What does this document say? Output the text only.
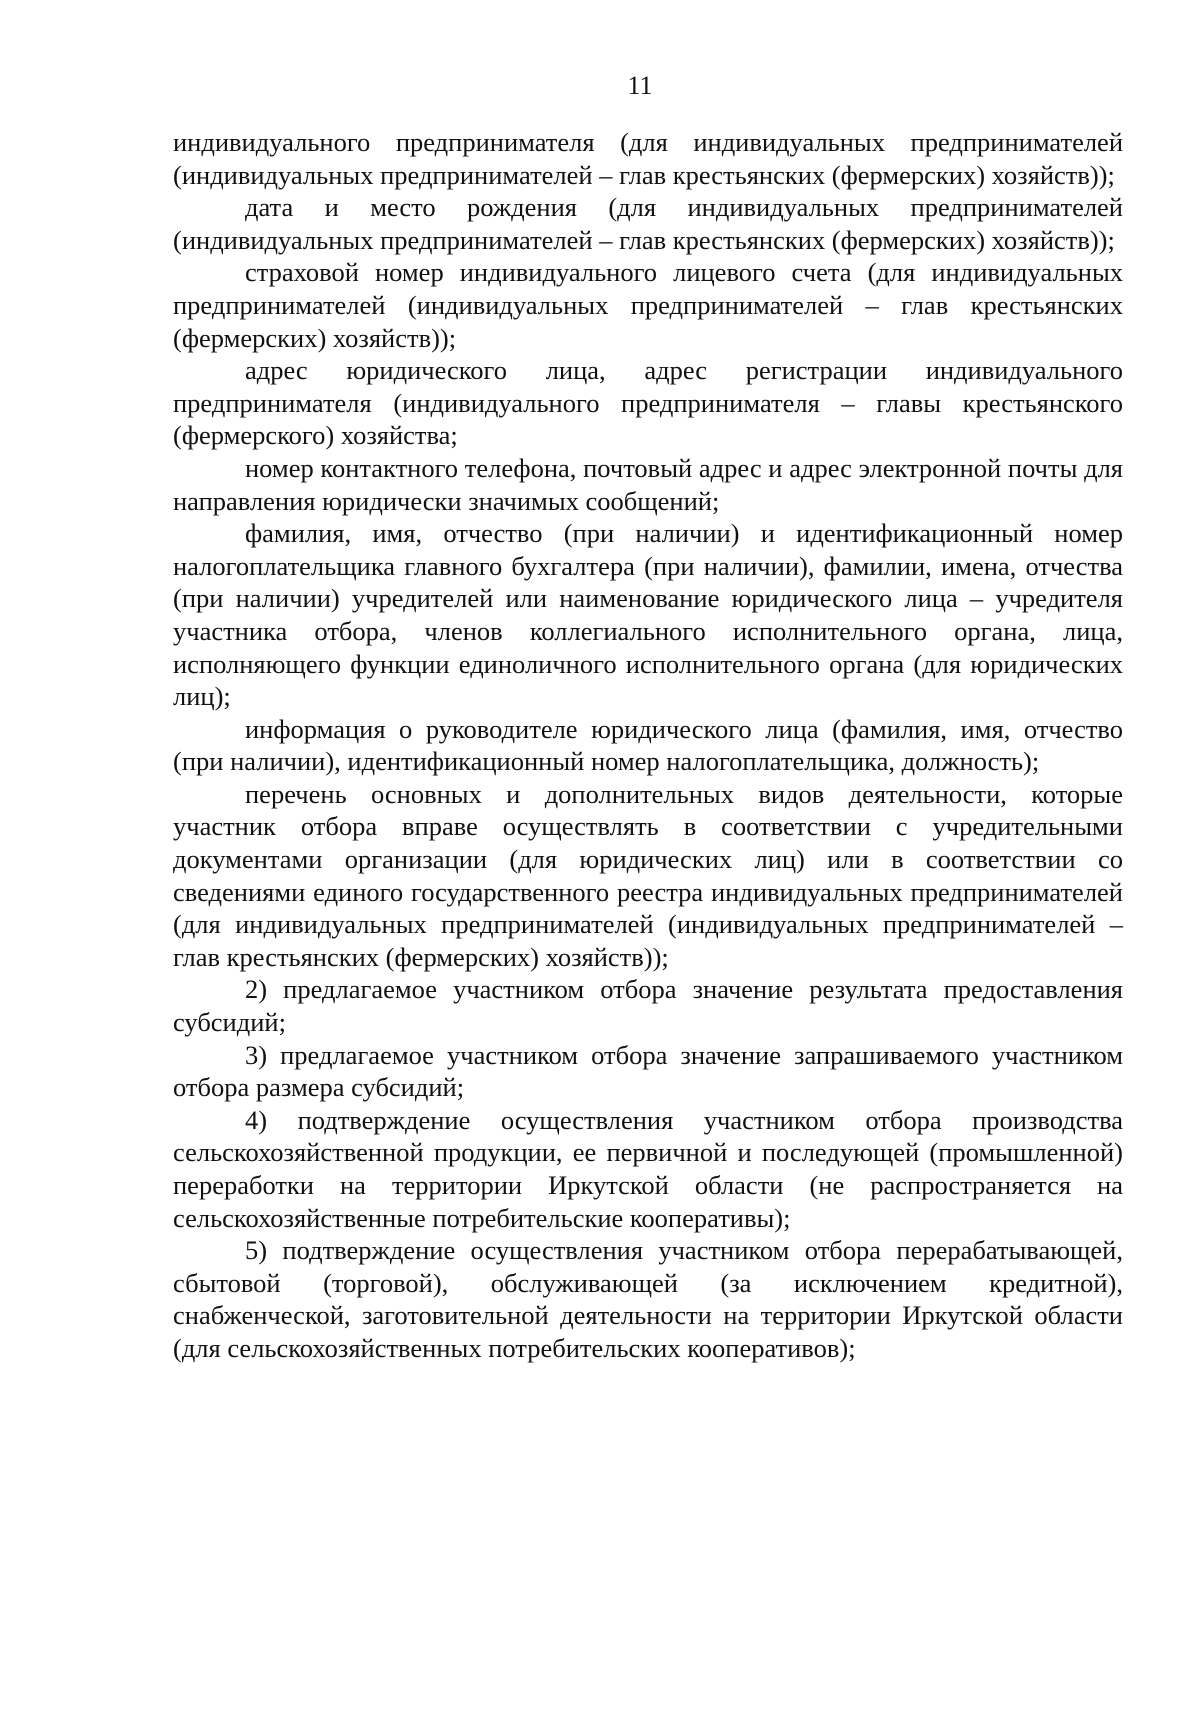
11

индивидуального предпринимателя (для индивидуальных предпринимателей (индивидуальных предпринимателей – глав крестьянских (фермерских) хозяйств));

дата и место рождения (для индивидуальных предпринимателей (индивидуальных предпринимателей – глав крестьянских (фермерских) хозяйств));

страховой номер индивидуального лицевого счета (для индивидуальных предпринимателей (индивидуальных предпринимателей – глав крестьянских (фермерских) хозяйств));

адрес юридического лица, адрес регистрации индивидуального предпринимателя (индивидуального предпринимателя – главы крестьянского (фермерского) хозяйства;

номер контактного телефона, почтовый адрес и адрес электронной почты для направления юридически значимых сообщений;

фамилия, имя, отчество (при наличии) и идентификационный номер налогоплательщика главного бухгалтера (при наличии), фамилии, имена, отчества (при наличии) учредителей или наименование юридического лица – учредителя участника отбора, членов коллегиального исполнительного органа, лица, исполняющего функции единоличного исполнительного органа (для юридических лиц);

информация о руководителе юридического лица (фамилия, имя, отчество (при наличии), идентификационный номер налогоплательщика, должность);

перечень основных и дополнительных видов деятельности, которые участник отбора вправе осуществлять в соответствии с учредительными документами организации (для юридических лиц) или в соответствии со сведениями единого государственного реестра индивидуальных предпринимателей (для индивидуальных предпринимателей (индивидуальных предпринимателей – глав крестьянских (фермерских) хозяйств));

2) предлагаемое участником отбора значение результата предоставления субсидий;

3) предлагаемое участником отбора значение запрашиваемого участником отбора размера субсидий;

4) подтверждение осуществления участником отбора производства сельскохозяйственной продукции, ее первичной и последующей (промышленной) переработки на территории Иркутской области (не распространяется на сельскохозяйственные потребительские кооперативы);

5) подтверждение осуществления участником отбора перерабатывающей, сбытовой (торговой), обслуживающей (за исключением кредитной), снабженческой, заготовительной деятельности на территории Иркутской области (для сельскохозяйственных потребительских кооперативов);
